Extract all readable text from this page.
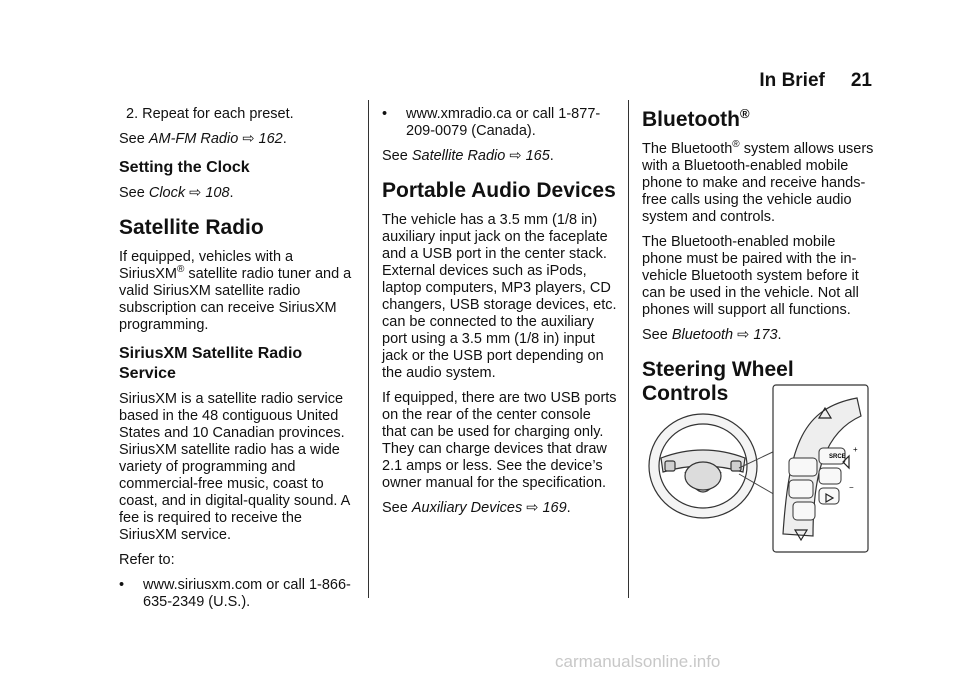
In Brief 21

2. Repeat for each preset.

See AM-FM Radio ⇨ 162.

Setting the Clock

See Clock ⇨ 108.

Satellite Radio

If equipped, vehicles with a SiriusXM® satellite radio tuner and a valid SiriusXM satellite radio subscription can receive SiriusXM programming.

SiriusXM Satellite Radio Service

SiriusXM is a satellite radio service based in the 48 contiguous United States and 10 Canadian provinces. SiriusXM satellite radio has a wide variety of programming and commercial-free music, coast to coast, and in digital-quality sound. A fee is required to receive the SiriusXM service.

Refer to:

•	www.siriusxm.com or call 1-866-635-2349 (U.S.).
•	www.xmradio.ca or call 1-877-209-0079 (Canada).

See Satellite Radio ⇨ 165.

Portable Audio Devices

The vehicle has a 3.5 mm (1/8 in) auxiliary input jack on the faceplate and a USB port in the center stack. External devices such as iPods, laptop computers, MP3 players, CD changers, USB storage devices, etc. can be connected to the auxiliary port using a 3.5 mm (1/8 in) input jack or the USB port depending on the audio system.

If equipped, there are two USB ports on the rear of the center console that can be used for charging only. They can charge devices that draw 2.1 amps or less. See the device’s owner manual for the specification.

See Auxiliary Devices ⇨ 169.

Bluetooth®

The Bluetooth® system allows users with a Bluetooth-enabled mobile phone to make and receive hands-free calls using the vehicle audio system and controls.

The Bluetooth-enabled mobile phone must be paired with the in-vehicle Bluetooth system before it can be used in the vehicle. Not all phones will support all functions.

See Bluetooth ⇨ 173.

Steering Wheel Controls
SRCE
+
−
carmanualsonline.info
